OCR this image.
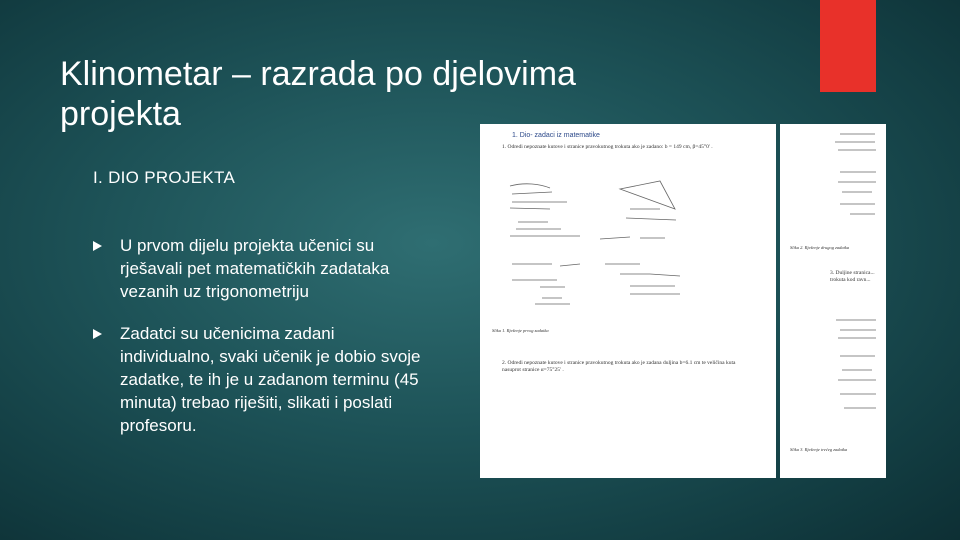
Klinometar – razrada po djelovima projekta
I. DIO PROJEKTA
U prvom dijelu projekta učenici su rješavali pet matematičkih zadataka vezanih uz trigonometriju
Zadatci su učenicima zadani individualno, svaki učenik je dobio svoje zadatke, te ih je u zadanom terminu (45 minuta) trebao riješiti, slikati i poslati profesoru.
1. Dio- zadaci iz matematike
1. Odredi nepoznate kutove i stranice pravokutnog trokuta ako je zadano: b = 149 cm, β=45°0' .
Slika 1. Rješenje prvog zadatka
2. Odredi nepoznate kutove i stranice pravokutnog trokuta ako je zadana duljina b=6.1 cm te veličina kuta nasuprot stranice α=75°25' .
Slika 2. Rješenje drugog zadatka
3. Duljine stranica... trokuta kod ravn...
Slika 3. Rješenje trećeg zadatka
